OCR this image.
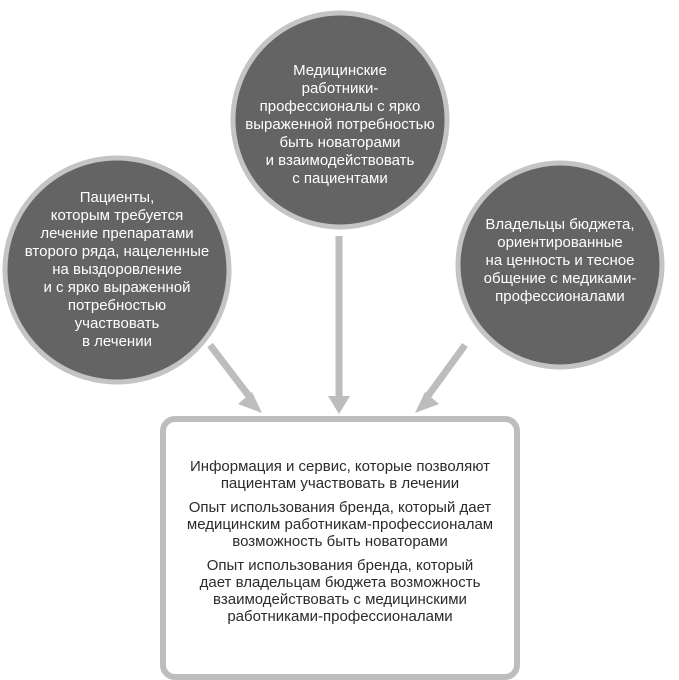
Пациенты,
которым требуется
лечение препаратами
второго ряда, нацеленные
на выздоровление
и с ярко выраженной
потребностью
участвовать
в лечении
Медицинские
работники-
профессионалы с ярко
выраженной потребностью
быть новаторами
и взаимодействовать
с пациентами
Владельцы бюджета,
ориентированные
на ценность и тесное
общение с медиками-
профессионалами
Информация и сервис, которые позволяют
пациентам участвовать в лечении
Опыт использования бренда, который дает
медицинским работникам-профессионалам
возможность быть новаторами
Опыт использования бренда, который
дает владельцам бюджета возможность
взаимодействовать с медицинскими
работниками-профессионалами
